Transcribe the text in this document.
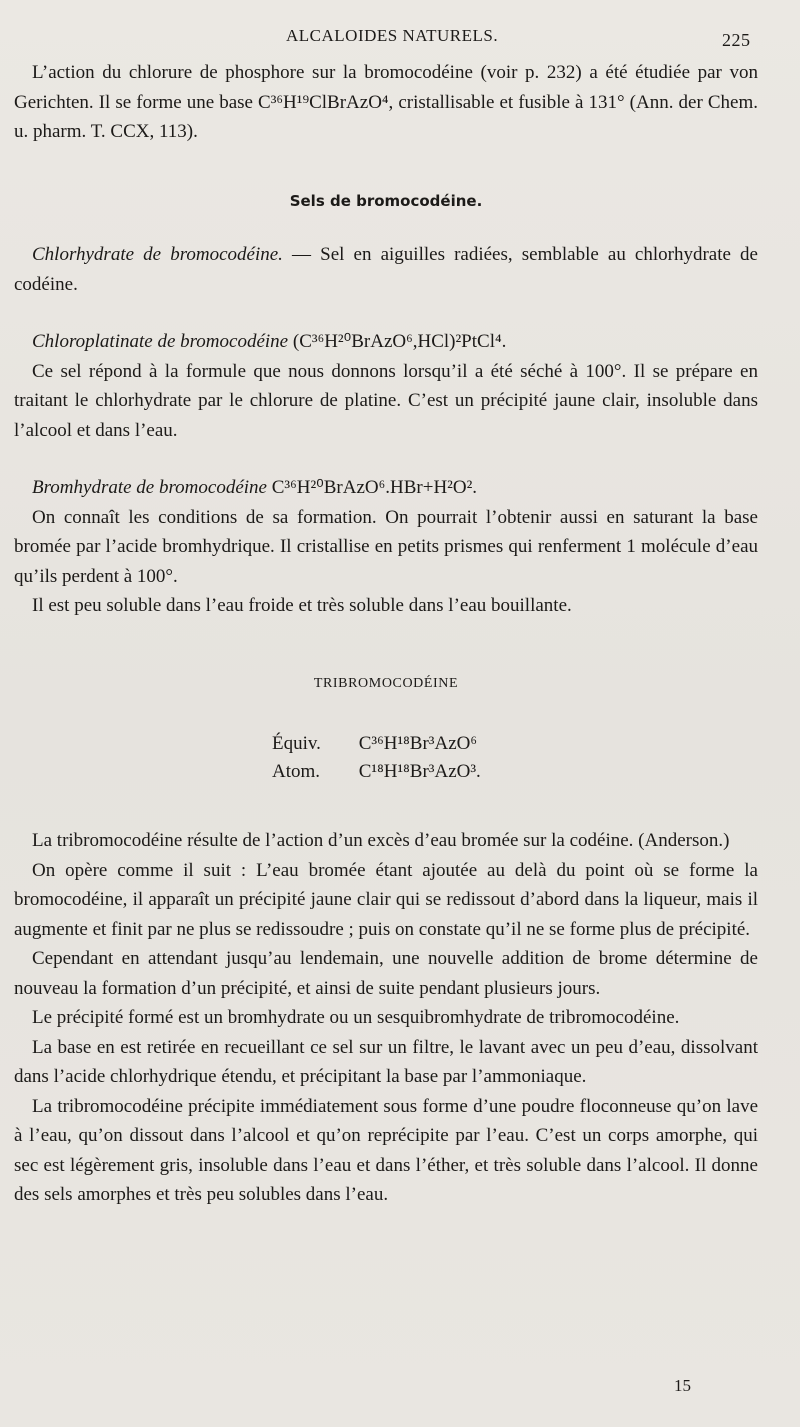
ALCALOIDES NATURELS.	225

L’action du chlorure de phosphore sur la bromocodéine (voir p. 232) a été étudiée par von Gerichten. Il se forme une base C³⁶H¹⁹ClBrAzO⁴, cristallisable et fusible à 131° (Ann. der Chem. u. pharm. T. CCX, 113).

Sels de bromocodéine.

Chlorhydrate de bromocodéine. — Sel en aiguilles radiées, semblable au chlorhydrate de codéine.

Chloroplatinate de bromocodéine (C³⁶H²⁰BrAzO⁶,HCl)²PtCl⁴.

Ce sel répond à la formule que nous donnons lorsqu’il a été séché à 100°. Il se prépare en traitant le chlorhydrate par le chlorure de platine. C’est un précipité jaune clair, insoluble dans l’alcool et dans l’eau.

Bromhydrate de bromocodéine C³⁶H²⁰BrAzO⁶.HBr+H²O².

On connaît les conditions de sa formation. On pourrait l’obtenir aussi en saturant la base bromée par l’acide bromhydrique. Il cristallise en petits prismes qui renferment 1 molécule d’eau qu’ils perdent à 100°.

Il est peu soluble dans l’eau froide et très soluble dans l’eau bouillante.

TRIBROMOCODÉINE
Équiv. C³⁶H¹⁸Br³AzO⁶
Atom. C¹⁸H¹⁸Br³AzO³.

La tribromocodéine résulte de l’action d’un excès d’eau bromée sur la codéine. (Anderson.)

On opère comme il suit : L’eau bromée étant ajoutée au delà du point où se forme la bromocodéine, il apparaît un précipité jaune clair qui se redissout d’abord dans la liqueur, mais il augmente et finit par ne plus se redissoudre ; puis on constate qu’il ne se forme plus de précipité.

Cependant en attendant jusqu’au lendemain, une nouvelle addition de brome détermine de nouveau la formation d’un précipité, et ainsi de suite pendant plusieurs jours.

Le précipité formé est un bromhydrate ou un sesquibromhydrate de tribromocodéine.

La base en est retirée en recueillant ce sel sur un filtre, le lavant avec un peu d’eau, dissolvant dans l’acide chlorhydrique étendu, et précipitant la base par l’ammoniaque.

La tribromocodéine précipite immédiatement sous forme d’une poudre floconneuse qu’on lave à l’eau, qu’on dissout dans l’alcool et qu’on reprécipite par l’eau. C’est un corps amorphe, qui sec est légèrement gris, insoluble dans l’eau et dans l’éther, et très soluble dans l’alcool. Il donne des sels amorphes et très peu solubles dans l’eau.

15
